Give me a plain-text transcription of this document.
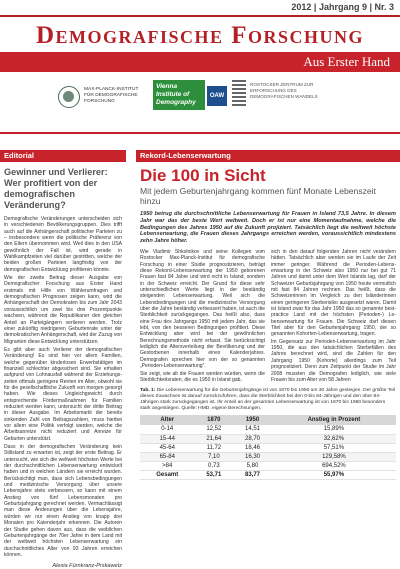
2012 | Jahrgang 9 | Nr. 3
Demografische Forschung
Aus Erster Hand
MAX-PLANCK-INSTITUT FÜR DEMOGRAFISCHE FORSCHUNG
Vienna Institute of Demography
OAW
ROSTOCKER ZENTRUM ZUR ERFORSCHUNG DES DEMOGRAFISCHEN WANDELS
Editorial
Gewinner und Verlierer: Wer profitiert von der demografischen Veränderung?

Demografische Veränderungen unterscheiden sich in verschiedenen Bevölkerungsgruppen. Dies trifft auch auf die Anhängerschaft politischer Parteien zu – insbesondere wenn die politische Präferenz von den Eltern übernommen wird. Weil dies in den USA gewöhnlich der Fall ist, wird gerade in Wahlkampfzeiten viel darüber gestritten, welche der beiden großen Parteien langfristig von der demografischen Entwicklung profitieren könnte.

Wie der zweite Beitrag dieser Ausgabe von Demografischer Forschung aus Erster Hand erstmals mit Hilfe von Wählerumfragen und demografischen Prognosen zeigen kann, wird die Anhängerschaft der Demokraten bis zum Jahr 2043 voraussichtlich um zwei bis drei Prozentpunkte wachsen, während die Republikaner den gleichen Anteil an Parteigängern verlieren werden. Trotz einer zukünftig niedrigeren Geburtenrate unter der demokratischen Anhängerschaft, wird der Zuzug von Migranten diese Entwicklung unterstützen.

Es gibt aber auch Verlierer der demografischen Veränderung! Es sind hier vor allem Familien, welche gegenüber kinderlosen Erwerbstätigen im finanziell schlechter abgesichert sind. Sie erhalten aufgrund von Lohnausfall während der Erziehungszeiten oftmals geringere Renten im Alter, obwohl sie für die gesellschaftliche Zukunft von morgen gesorgt haben. Wie dieses Ungleichgewicht durch entsprechende Fördermaßnahmen für Familien reduziert werden kann, untersucht der dritte Beitrag in dieser Ausgabe. Im Arbeitsmarkt der bereits sinkenden Zahl von Beitragszahlern, muss hierbei vor allem eine Politik verfolgt werden, welche die Arbeitsanreize nicht reduziert und Anreize für Geburten unterstützt.

Dass in der demografischen Veränderung kein Stillstand zu erwarten ist, zeigt der erste Beitrag. Er untersucht, wie sich die weltweit höchsten Werte bei der durchschnittlichen Lebenserwartung entwickelt haben und in welchen Ländern sie erreicht wurden. Berücksichtigt man, dass sich Lebensbedingungen und medizinische Versorgung über unsere Lebensjahre stets verbessern, so kann mit einem Anstieg von fünf Lebensmonaten pro Geburtsjahrgang gerechnet werden. Vermachlässigt man diese Änderungen über die Lebensjahre, würden wir nur einen Anstieg von knapp drei Monaten pro Kalenderjahr erkennen. Die Autoren der Studie gehen davon aus, dass die weiblichen Geburtenjahrgänge der 70er Jahre in dem Land mit der weltweit höchsten Lebenserwartung ein durchschnittliches Alter von 93 Jahren erreichen können.

Alexia Fürnkranz-Prskawetz
Rekord-Lebenserwartung
Die 100 in Sicht
Mit jedem Geburtenjahrgang kommen fünf Monate Lebenszeit hinzu
1950 betrug die durchschnittliche Lebenserwartung für Frauen in Island 73,5 Jahre. In diesem Jahr war das der beste Wert weltweit. Doch er ist nur eine Momentaufnahme, welche die Bedingungen des Jahres 1950 auf die Zukunft projiziert. Tatsächlich liegt die weltweit höchste Lebenserwartung, die Frauen dieses Jahrgangs erreichen werden, voraussichtlich mindestens zehn Jahre höher.

Wie Vladimir Shkolnikov und seine Kollegen vom Rostocker Max-Planck-Institut für demografische Forschung in einer Studie prognostizieren, beträgt diese Rekord-Lebenserwartung der 1950 geborenen Frauen fast 84 Jahre und wird nicht in Island, sondern in der Schweiz erreicht. Der Grund für diese sehr unterschiedlichen Werte liegt in der beständig steigenden Lebenserwartung. Weil sich die Lebensbedingungen und die medizinische Versorgung über die Jahre beständig verbessert haben, ist auch die Sterblichkeit zurückgegangen. Das heißt also, dass eine Frau des Jahrgangs 1950 mit jedem Jahr, das sie lebt, von den besseren Bedingungen profitiert. Diese Entwicklung aber wird bei der gewöhnlichen Berechnungsmethode nicht erfasst. Sie berücksichtigt lediglich die Altersverteilung der Bevölkerung und der Gestorbenen innerhalb eines Kalenderjahres. Demografen sprechen hier von der so genannten „Perioden-Lebenserwartung“.

Sie zeigt, wie alt die Frauen werden würden, wenn die Sterblichkeitsraten, die es 1950 in Island gab,

sich in den darauf folgenden Jahren nicht verändern hätten. Tatsächlich aber werden sie im Laufe der Zeit immer geringer. Während die Perioden-Lebenserwartung in der Schweiz also 1950 nur bei gut 71 Jahren und damit unter dem Wert Islands lag, darf der Schweizer Geburtsjahrgang von 1950 heute vermutlich mit fast 84 Jahren rechnen. Das heißt, dass die Schweizerinnen im Vergleich zu den Isländerinnen einen geringeren Sterberisiko ausgesetzt waren. Damit ist Island zwar für das Jahr 1950 das so genannte best-practice Land mit der höchsten (Perioden-) Lebenserwartung für Frauen. Die Schweiz darf diesen Titel aber für den Geburtenjahrgang 1950, der so genannten Kohorten-Lebenserwartung, tragen.

Im Gegensatz zur Perioden-Lebenserwartung im Jahr 1950, die aus den tatsächlichen Sterbefällen des Jahres berechnet wird, sind die Zahlen für den Jahrgang 1950 (Kohorte) allerdings zum Teil prognostiziert. Denn zum Zeitpunkt der Studie im Jahr 2008 mussten die Demografen lediglich, wie viele Frauen bis zum Alter von 58 Jahren

Tab. 1: Die Lebenserwartung für die Geburtenjahrgänge ist von 1870 bis 1950 um 30 Jahre gestiegen. Der größte Teil dieses Zuwachses ist darauf zurückzuführen, dass die Sterblichkeit bei den 0-bis 84-Jährigen und den über 84-Jährigen stark zurückgegangen ist. Ihr Anteil an der gesamten Lebenserwartung ist von 1870 bis 1950 besonders stark angestiegen. Quelle: HMD, eigene Berechnungen.
Alter	1870	1950	Anstieg in Prozent
0-14	12,52	14,51	15,89%
15-44	21,64	28,70	32,62%
45-64	11,72	18,46	57,51%
65-84	7,10	16,30	129,58%
>84	0,73	5,80	694,52%
Gesamt	53,71	83,77	55,97%
